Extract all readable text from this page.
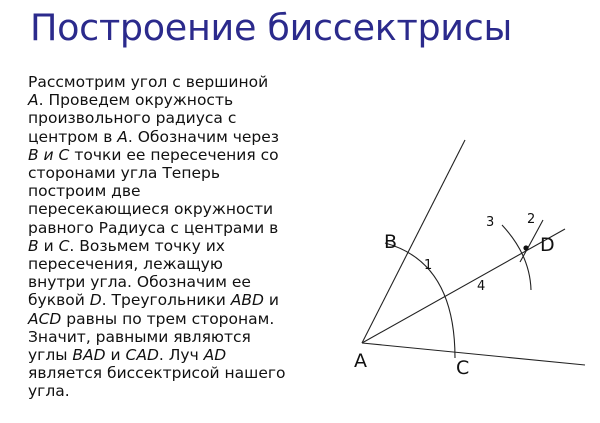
Построение биссектрисы
Рассмотрим угол с вершиной
A. Проведем окружность
произвольного радиуса с
центром в A. Обозначим через
B и C точки ее пересечения со
сторонами угла Теперь
построим две
пересекающиеся окружности
равного Радиуса с центрами в
B и C. Возьмем точку их
пересечения, лежащую
внутри угла. Обозначим ее
буквой D. Треугольники ABD и
ACD равны по трем сторонам.
Значит, равными являются
углы BAD и CAD. Луч AD
является биссектрисой нашего
угла.
A
B
C
D
1
2
3
4
